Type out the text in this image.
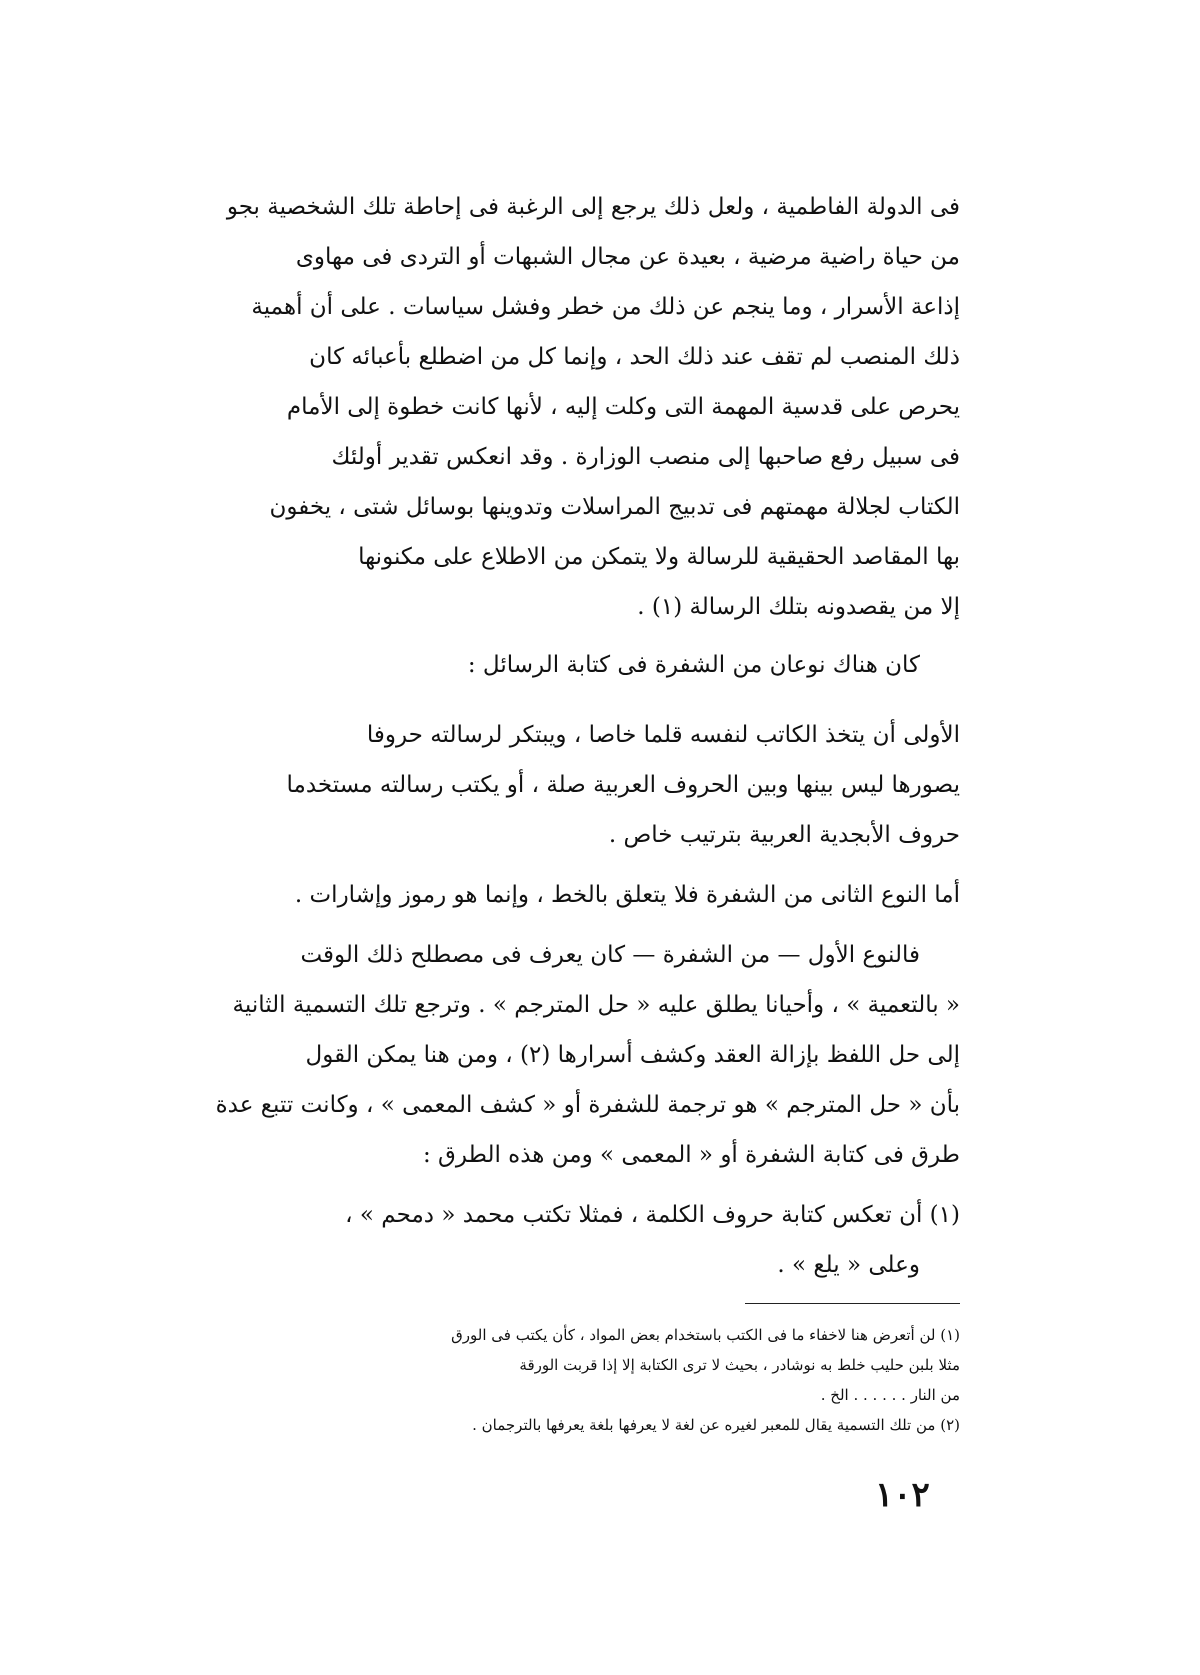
فى الدولة الفاطمية ، ولعل ذلك يرجع إلى الرغبة فى إحاطة تلك الشخصية بجو
من حياة راضية مرضية ، بعيدة عن مجال الشبهات أو التردى فى مهاوى
إذاعة الأسرار ، وما ينجم عن ذلك من خطر وفشل سياسات . على أن أهمية
ذلك المنصب لم تقف عند ذلك الحد ، وإنما كل من اضطلع بأعبائه كان
يحرص على قدسية المهمة التى وكلت إليه ، لأنها كانت خطوة إلى الأمام
فى سبيل رفع صاحبها إلى منصب الوزارة . وقد انعكس تقدير أولئك
الكتاب لجلالة مهمتهم فى تدبيج المراسلات وتدوينها بوسائل شتى ، يخفون
بها المقاصد الحقيقية للرسالة ولا يتمكن من الاطلاع على مكنونها
إلا من يقصدونه بتلك الرسالة (١) .
كان هناك نوعان من الشفرة فى كتابة الرسائل :
الأولى أن يتخذ الكاتب لنفسه قلما خاصا ، ويبتكر لرسالته حروفا
يصورها ليس بينها وبين الحروف العربية صلة ، أو يكتب رسالته مستخدما
حروف الأبجدية العربية بترتيب خاص .
أما النوع الثانى من الشفرة فلا يتعلق بالخط ، وإنما هو رموز وإشارات .
فالنوع الأول — من الشفرة — كان يعرف فى مصطلح ذلك الوقت
« بالتعمية » ، وأحيانا يطلق عليه « حل المترجم » . وترجع تلك التسمية الثانية
إلى حل اللفظ بإزالة العقد وكشف أسرارها (٢) ، ومن هنا يمكن القول
بأن « حل المترجم » هو ترجمة للشفرة أو « كشف المعمى » ، وكانت تتبع عدة
طرق فى كتابة الشفرة أو « المعمى » ومن هذه الطرق :
(١) أن تعكس كتابة حروف الكلمة ، فمثلا تكتب محمد « دمحم » ،
وعلى « يلع » .
(١) لن أتعرض هنا لاخفاء ما فى الكتب باستخدام بعض المواد ، كأن يكتب فى الورق
مثلا بلبن حليب خلط به نوشادر ، بحيث لا ترى الكتابة إلا إذا قربت الورقة
من النار . . . . . . الخ .
(٢) من تلك التسمية يقال للمعبر لغيره عن لغة لا يعرفها بلغة يعرفها بالترجمان .
١٠٢
